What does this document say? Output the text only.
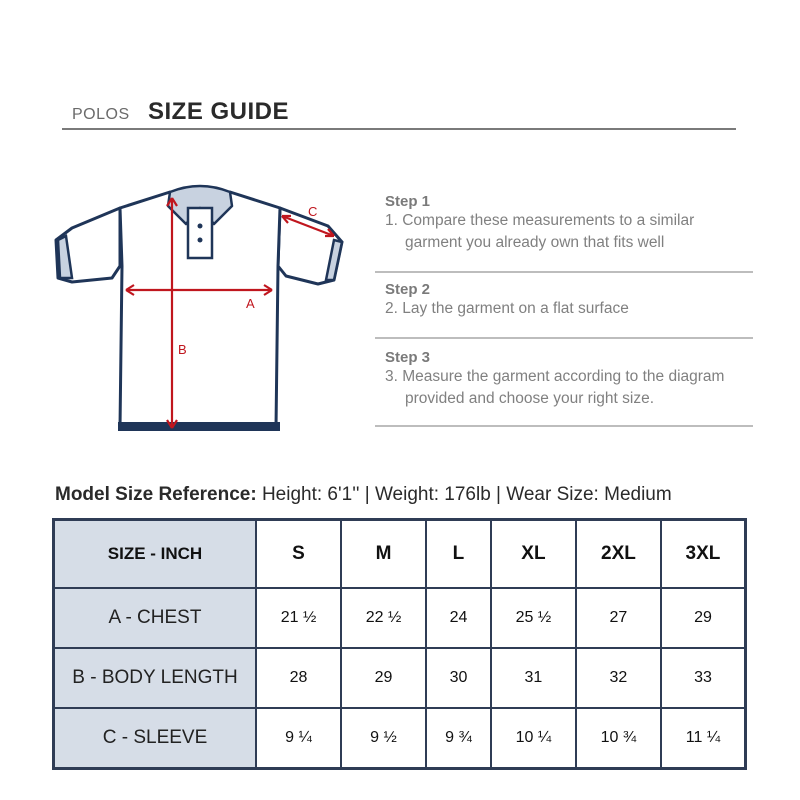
POLOS SIZE GUIDE
A
B
C
Step 1
1. Compare these measurements to a similar garment you already own that fits well
Step 2
2. Lay the garment on a flat surface
Step 3
3. Measure the garment according to the diagram provided and choose your right size.
Model Size Reference: Height: 6'1'' | Weight: 176lb | Wear Size: Medium
SIZE - INCH	S	M	L	XL	2XL	3XL
A - CHEST	21 ½	22 ½	24	25 ½	27	29
B - BODY LENGTH	28	29	30	31	32	33
C - SLEEVE	9 ¼	9 ½	9 ¾	10 ¼	10 ¾	11 ¼
